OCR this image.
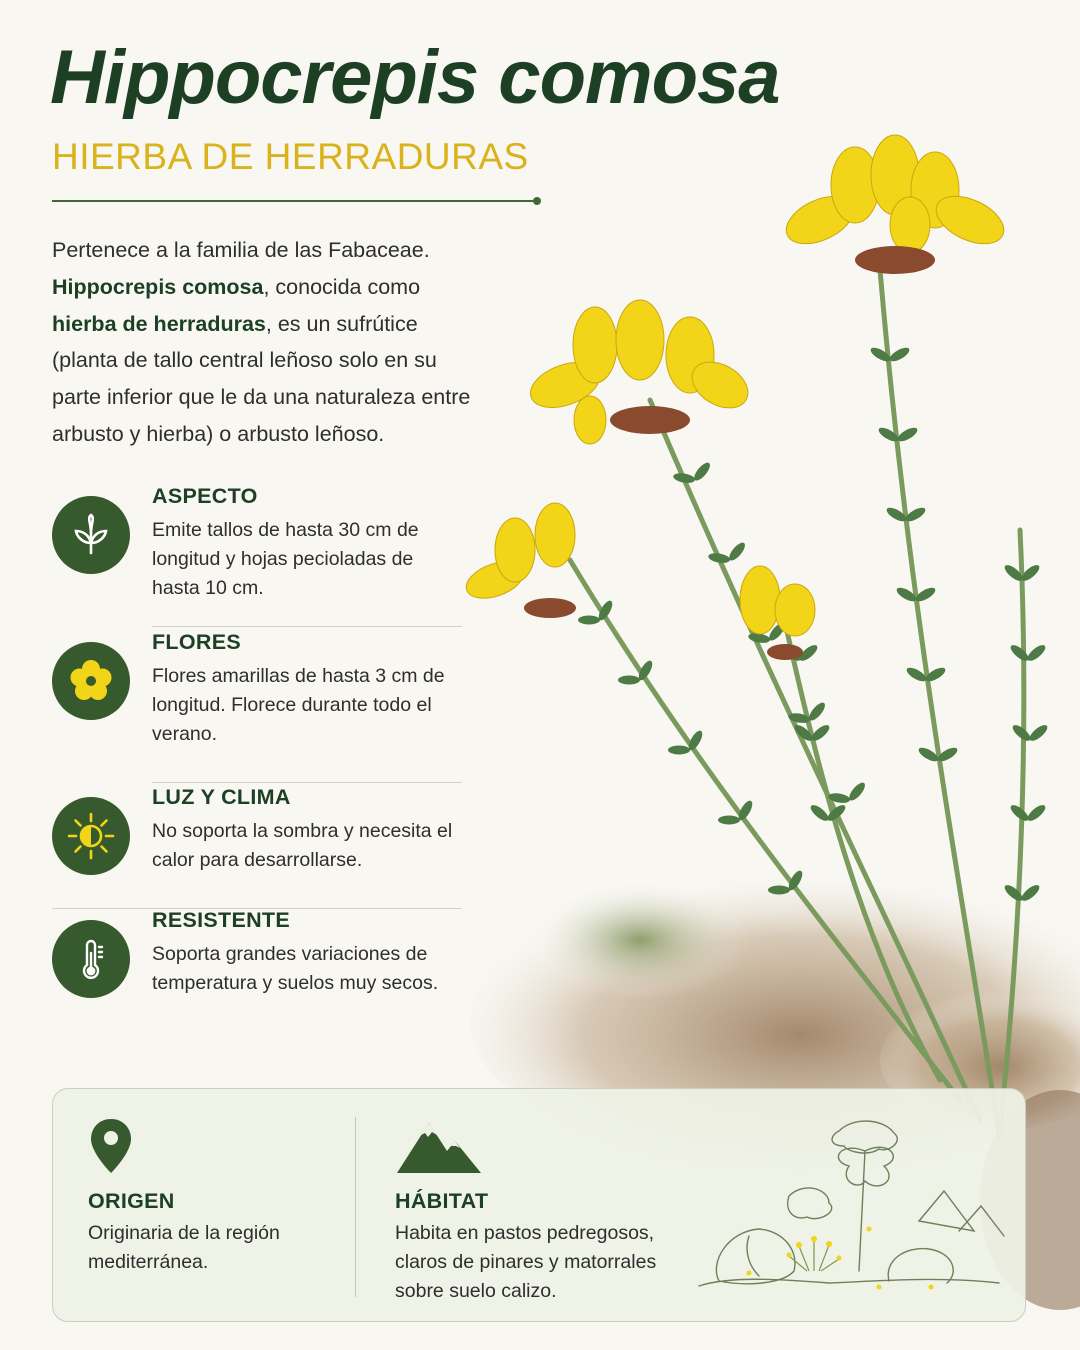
Hippocrepis comosa
HIERBA DE HERRADURAS

Pertenece a la familia de las Fabaceae. Hippocrepis comosa, conocida como hierba de herraduras, es un sufrútice (planta de tallo central leñoso solo en su parte inferior que le da una naturaleza entre arbusto y hierba) o arbusto leñoso.

ASPECTO

Emite tallos de hasta 30 cm de longitud y hojas pecioladas de hasta 10 cm.

FLORES

Flores amarillas de hasta 3 cm de longitud. Florece durante todo el verano.

LUZ Y CLIMA

No soporta la sombra y necesita el calor para desarrollarse.

RESISTENTE

Soporta grandes variaciones de temperatura y suelos muy secos.

ORIGEN

Originaria de la región mediterránea.

HÁBITAT

Habita en pastos pedregosos, claros de pinares y matorrales sobre suelo calizo.
